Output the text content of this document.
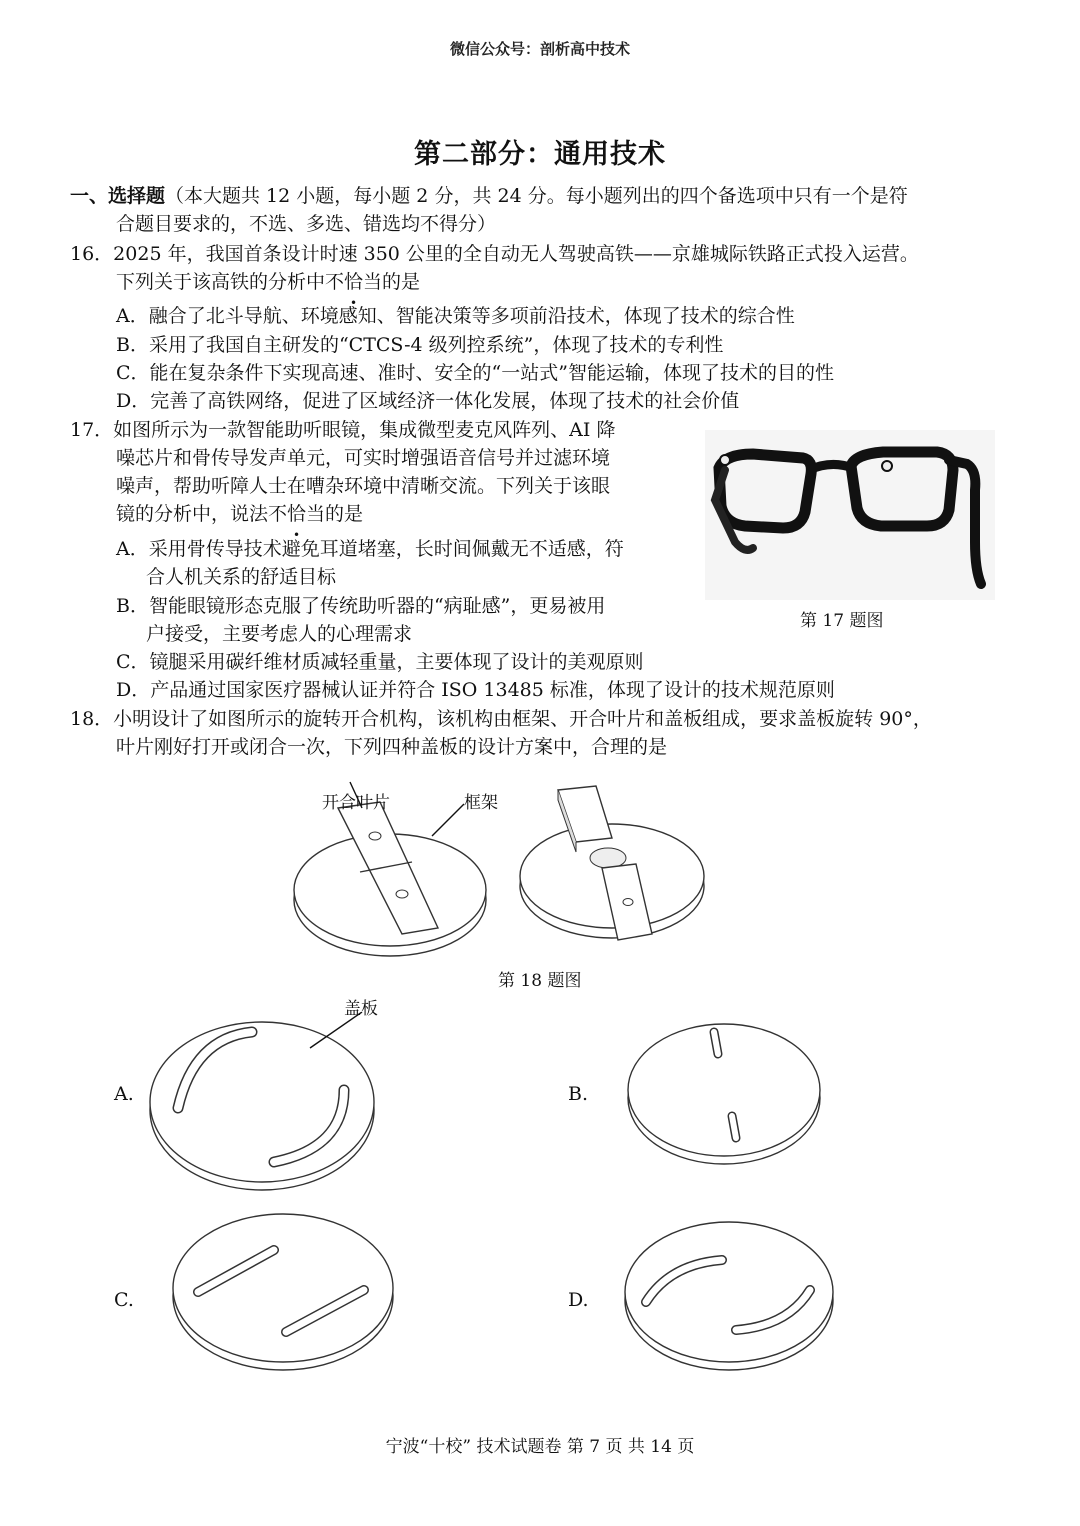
微信公众号：剖析高中技术
第二部分：通用技术
一、选择题（本大题共 12 小题，每小题 2 分，共 24 分。每小题列出的四个备选项中只有一个是符
合题目要求的，不选、多选、错选均不得分）
16．2025 年，我国首条设计时速 350 公里的全自动无人驾驶高铁——京雄城际铁路正式投入运营。
下列关于该高铁的分析中不恰当的是
A．融合了北斗导航、环境感知、智能决策等多项前沿技术，体现了技术的综合性
B．采用了我国自主研发的“CTCS-4 级列控系统”，体现了技术的专利性
C．能在复杂条件下实现高速、准时、安全的“一站式”智能运输，体现了技术的目的性
D．完善了高铁网络，促进了区域经济一体化发展，体现了技术的社会价值
17．如图所示为一款智能助听眼镜，集成微型麦克风阵列、AI 降
噪芯片和骨传导发声单元，可实时增强语音信号并过滤环境
噪声，帮助听障人士在嘈杂环境中清晰交流。下列关于该眼
镜的分析中，说法不恰当的是
A．采用骨传导技术避免耳道堵塞，长时间佩戴无不适感，符
合人机关系的舒适目标
B．智能眼镜形态克服了传统助听器的“病耻感”，更易被用
户接受，主要考虑人的心理需求
C．镜腿采用碳纤维材质减轻重量，主要体现了设计的美观原则
D．产品通过国家医疗器械认证并符合 ISO 13485 标准，体现了设计的技术规范原则
第 17 题图
18．小明设计了如图所示的旋转开合机构，该机构由框架、开合叶片和盖板组成，要求盖板旋转 90°，
叶片刚好打开或闭合一次，下列四种盖板的设计方案中，合理的是
开合叶片	框架
第 18 题图
盖板
A.	B.
C.	D.
宁波“十校” 技术试题卷 第 7 页 共 14 页
